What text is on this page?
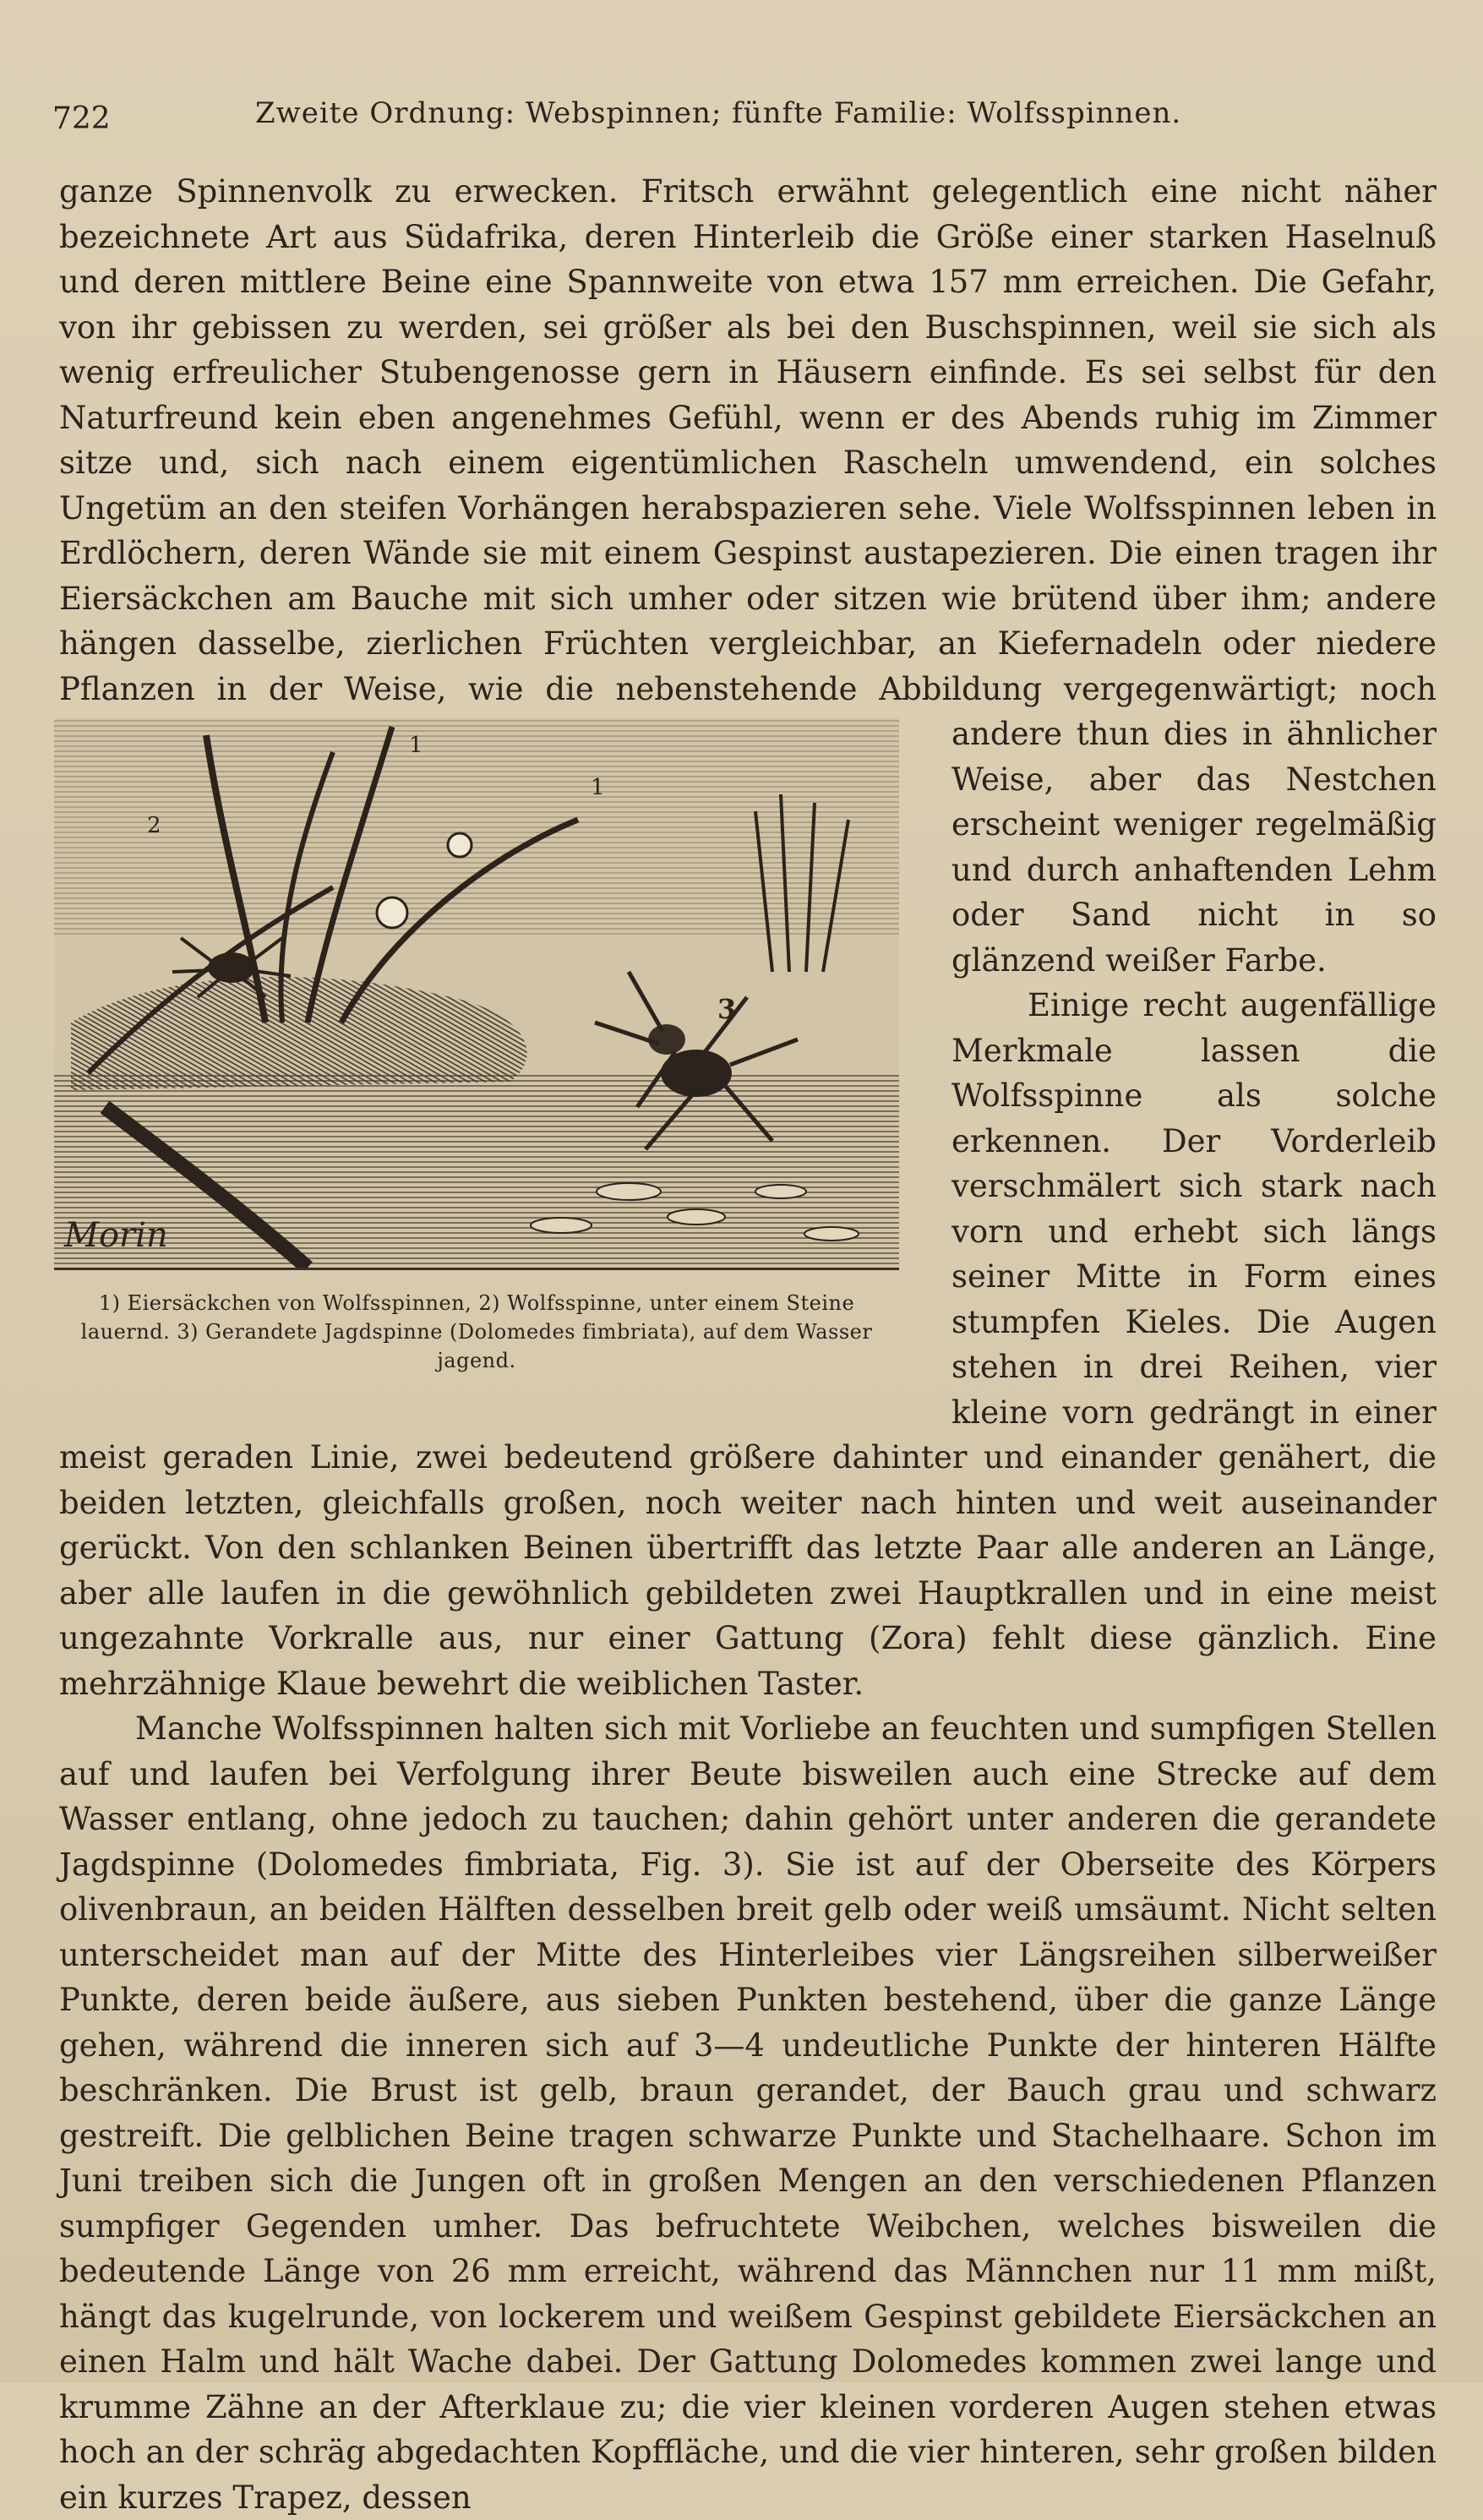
722	Zweite Ordnung: Webspinnen; fünfte Familie: Wolfsspinnen.

ganze Spinnenvolk zu erwecken. Fritsch erwähnt gelegentlich eine nicht näher bezeichnete Art aus Südafrika, deren Hinterleib die Größe einer starken Haselnuß und deren mittlere Beine eine Spannweite von etwa 157 mm erreichen. Die Gefahr, von ihr gebissen zu werden, sei größer als bei den Buschspinnen, weil sie sich als wenig erfreulicher Stubengenosse gern in Häusern einfinde. Es sei selbst für den Naturfreund kein eben angenehmes Gefühl, wenn er des Abends ruhig im Zimmer sitze und, sich nach einem eigentümlichen Rascheln umwendend, ein solches Ungetüm an den steifen Vorhängen herabspazieren sehe. Viele Wolfsspinnen leben in Erdlöchern, deren Wände sie mit einem Gespinst austapezieren. Die einen tragen ihr Eiersäckchen am Bauche mit sich umher oder sitzen wie brütend über ihm; andere hängen dasselbe, zierlichen Früchten vergleichbar, an Kiefernadeln oder niedere Pflanzen in der Weise, wie die nebenstehende Abbildung vergegenwärtigt; noch andere thun
1
1
2
3
Morin
1) Eiersäckchen von Wolfsspinnen, 2) Wolfsspinne, unter einem Steine lauernd. 3) Gerandete Jagdspinne (Dolomedes fimbriata), auf dem Wasser jagend.
dies in ähnlicher Weise, aber das Nestchen erscheint weniger regelmäßig und durch anhaftenden Lehm oder Sand nicht in so glänzend weißer Farbe.

Einige recht augenfällige Merkmale lassen die Wolfsspinne als solche erkennen. Der Vorderleib verschmälert sich stark nach vorn und erhebt sich längs seiner Mitte in Form eines stumpfen Kieles. Die Augen stehen in drei Reihen, vier kleine vorn gedrängt in einer meist geraden Linie, zwei bedeutend größere dahinter und einander genähert, die beiden letzten, gleichfalls großen, noch weiter nach hinten und weit auseinander gerückt. Von den schlanken Beinen übertrifft das letzte Paar alle anderen an Länge, aber alle laufen in die gewöhnlich gebildeten zwei Hauptkrallen und in eine meist ungezahnte Vorkralle aus, nur einer Gattung (Zora) fehlt diese gänzlich. Eine mehrzähnige Klaue bewehrt die weiblichen Taster.

Manche Wolfsspinnen halten sich mit Vorliebe an feuchten und sumpfigen Stellen auf und laufen bei Verfolgung ihrer Beute bisweilen auch eine Strecke auf dem Wasser entlang, ohne jedoch zu tauchen; dahin gehört unter anderen die gerandete Jagdspinne (Dolomedes fimbriata, Fig. 3). Sie ist auf der Oberseite des Körpers olivenbraun, an beiden Hälften desselben breit gelb oder weiß umsäumt. Nicht selten unterscheidet man auf der Mitte des Hinterleibes vier Längsreihen silberweißer Punkte, deren beide äußere, aus sieben Punkten bestehend, über die ganze Länge gehen, während die inneren sich auf 3—4 undeutliche Punkte der hinteren Hälfte beschränken. Die Brust ist gelb, braun gerandet, der Bauch grau und schwarz gestreift. Die gelblichen Beine tragen schwarze Punkte und Stachelhaare. Schon im Juni treiben sich die Jungen oft in großen Mengen an den verschiedenen Pflanzen sumpfiger Gegenden umher. Das befruchtete Weibchen, welches bisweilen die bedeutende Länge von 26 mm erreicht, während das Männchen nur 11 mm mißt, hängt das kugelrunde, von lockerem und weißem Gespinst gebildete Eiersäckchen an einen Halm und hält Wache dabei. Der Gattung Dolomedes kommen zwei lange und krumme Zähne an der Afterklaue zu; die vier kleinen vorderen Augen stehen etwas hoch an der schräg abgedachten Kopffläche, und die vier hinteren, sehr großen bilden ein kurzes Trapez, dessen
